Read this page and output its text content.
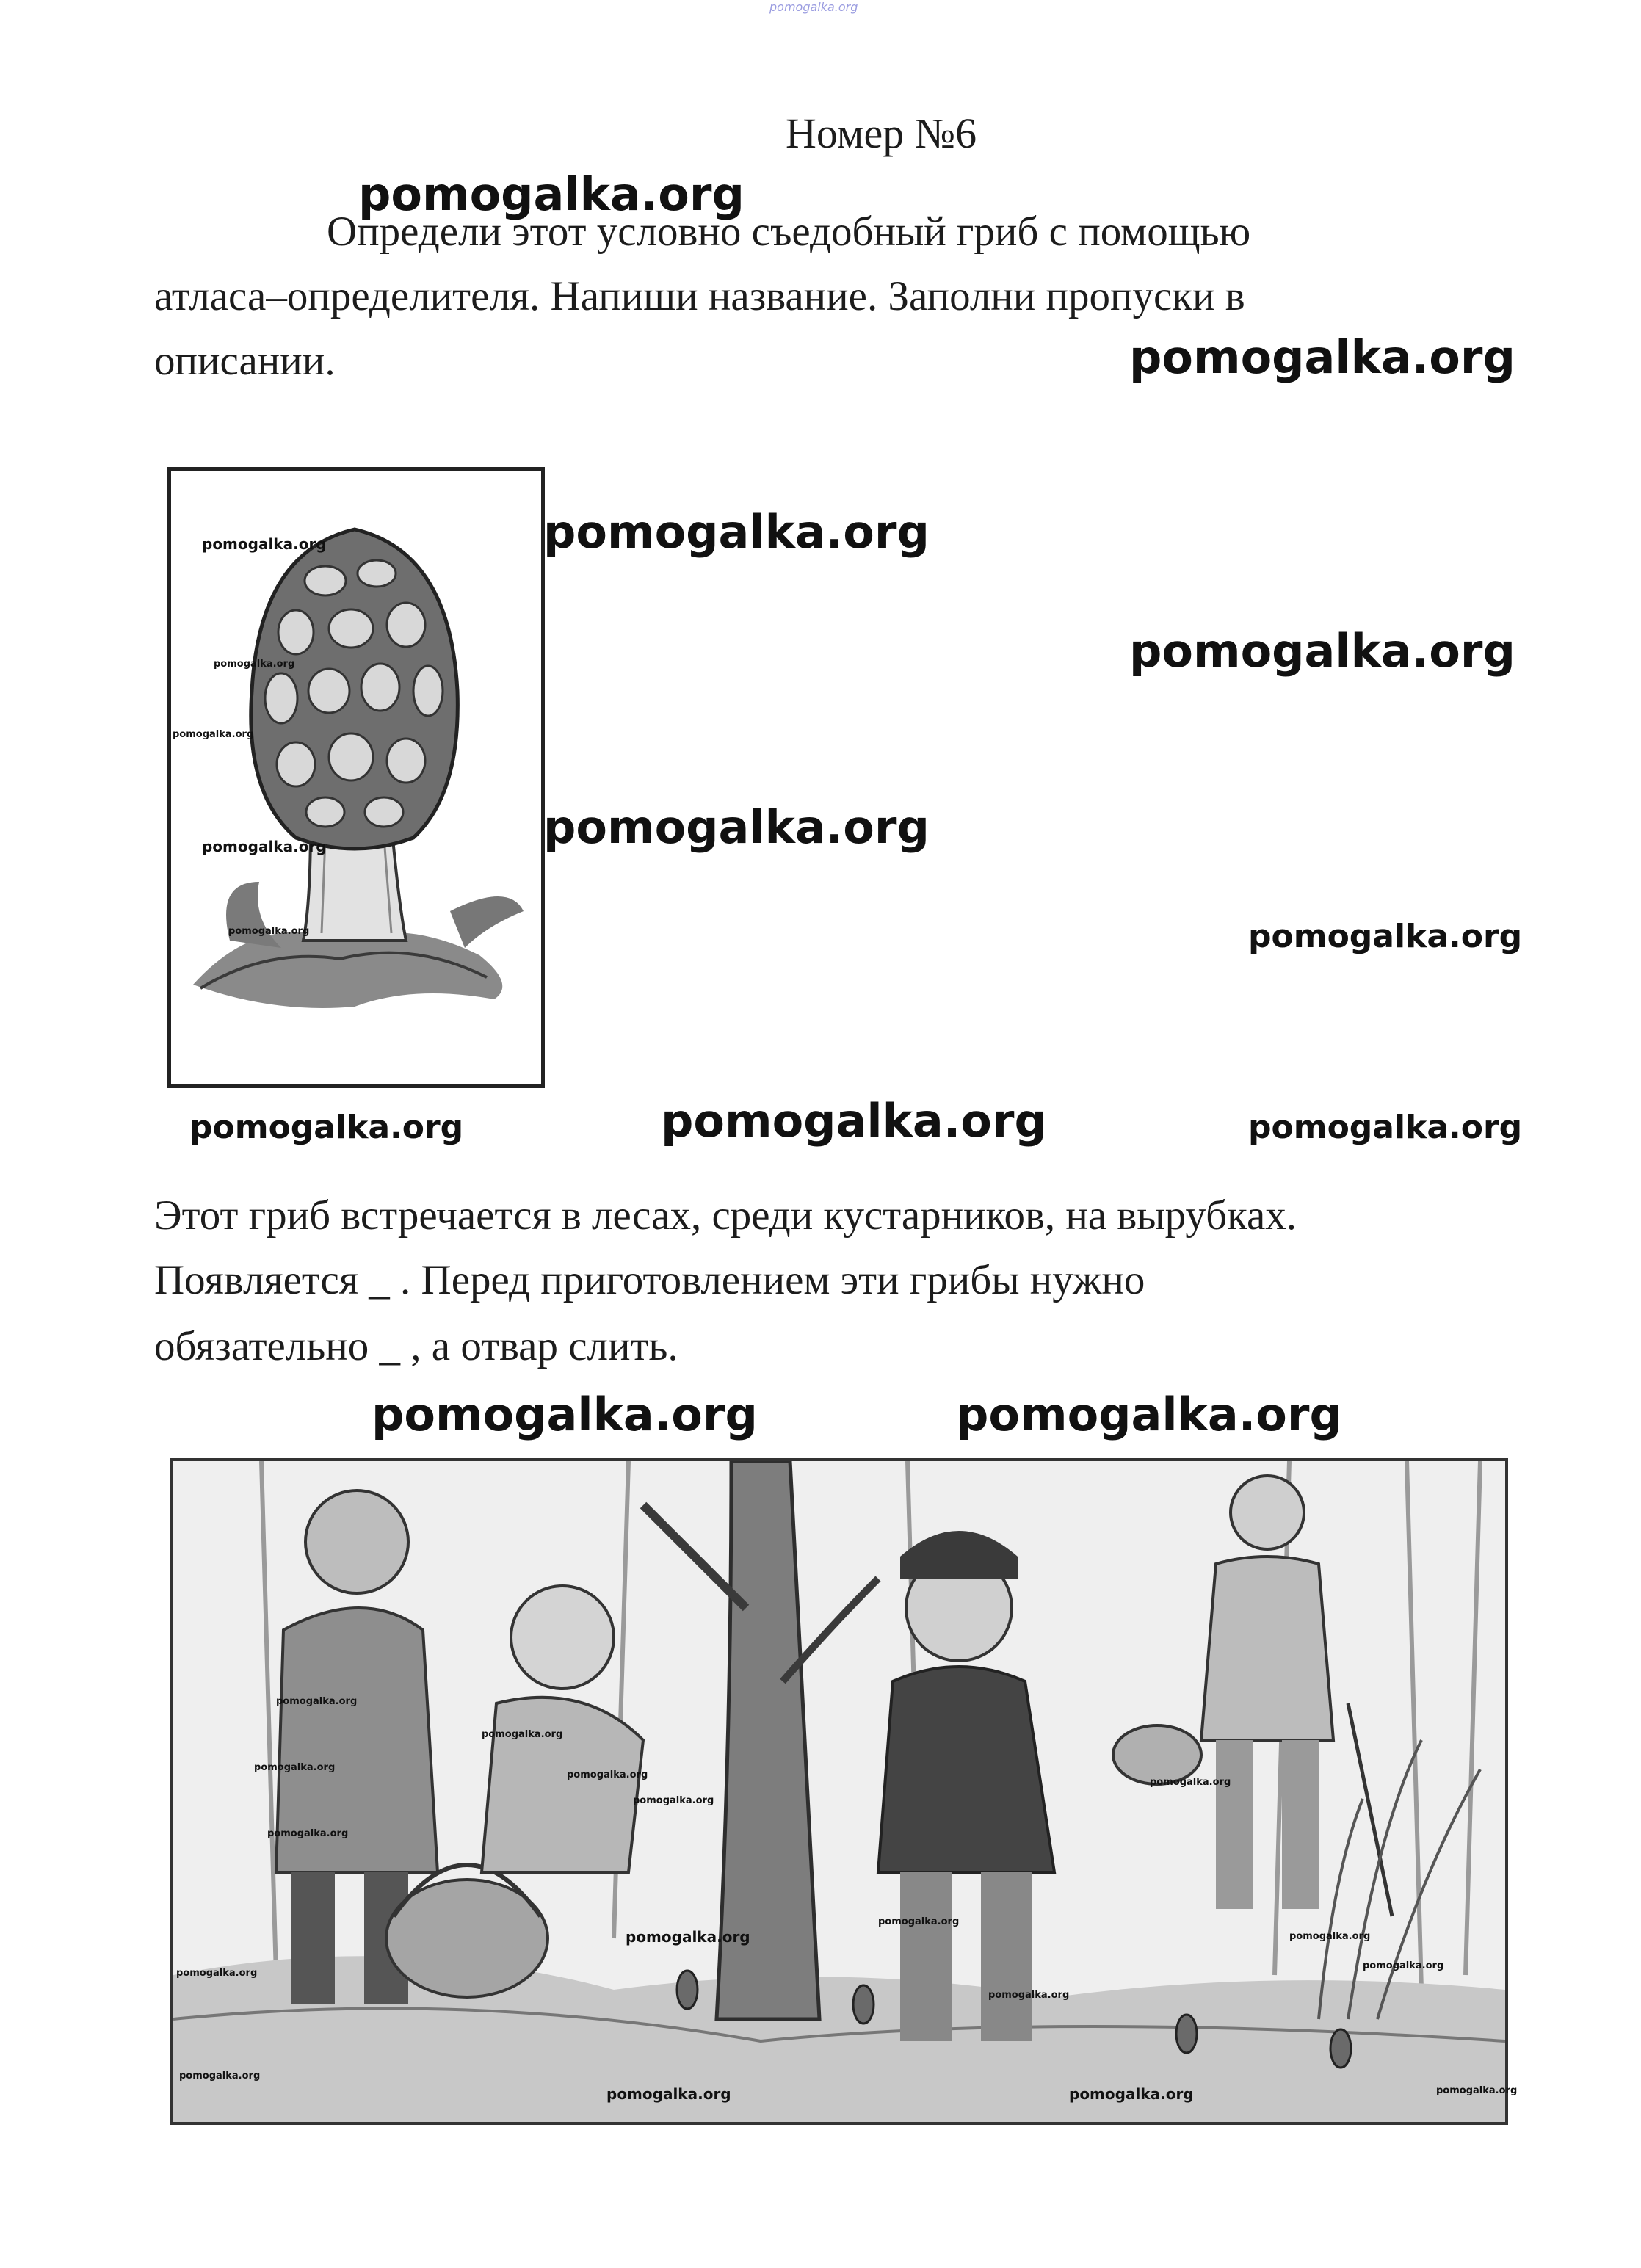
pomogalka.org
Номер №6
Определи этот условно съедобный гриб с помощью
атласа–определителя. Напиши название. Заполни пропуски в
описании.
pomogalka.org
pomogalka.org
pomogalka.org
pomogalka.org
pomogalka.org
pomogalka.org
pomogalka.org
pomogalka.org
pomogalka.org
pomogalka.org
pomogalka.org
pomogalka.org	pomogalka.org	pomogalka.org
Этот гриб встречается в лесах, среди кустарников, на вырубках.
Появляется _ . Перед приготовлением эти грибы нужно
обязательно _ , а отвар слить.
pomogalka.org	pomogalka.org
pomogalka.org
pomogalka.org
pomogalka.org
pomogalka.org
pomogalka.org
pomogalka.org
pomogalka.org
pomogalka.org
pomogalka.org
pomogalka.org
pomogalka.org
pomogalka.org
pomogalka.org
pomogalka.org
pomogalka.org
pomogalka.org
pomogalka.org
